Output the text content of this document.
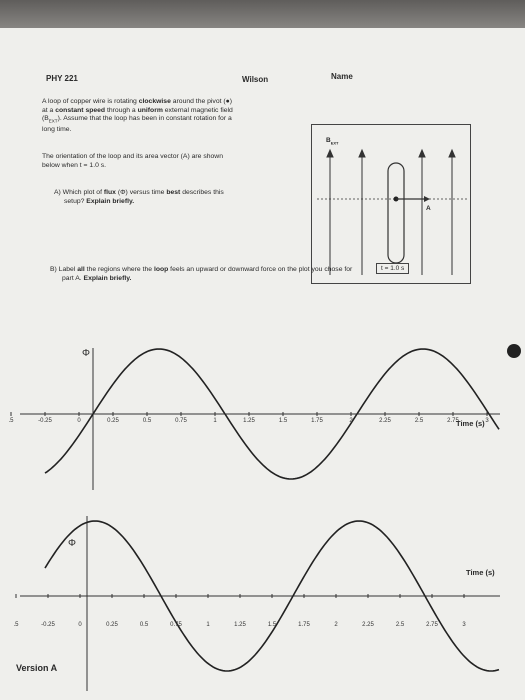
PHY 221	Wilson	Name
A loop of copper wire is rotating clockwise around the pivot (●)
at a constant speed through a uniform external magnetic field
$(B_{EXT})$. Assume that the loop has been in constant rotation for a
long time.
The orientation of the loop and its area vector (A) are shown
below when t = 1.0 s.
A) Which plot of flux (Φ) versus time best describes this
setup? Explain briefly.
$B_{EXT}$
A
t = 1.0 s
B) Label all the regions where the loop feels an upward or downward force on the plot you chose for
part A. Explain briefly.
.5	-0.25	0	0.25	0.5	0.75	1	1.25	1.5	1.75	2	2.25	2.5	2.75	3
Φ
Time (s)
.5	-0.25	0	0.25	0.5	0.75	1	1.25	1.5	1.75	2	2.25	2.5	2.75	3
Φ
Time (s)
Version A
